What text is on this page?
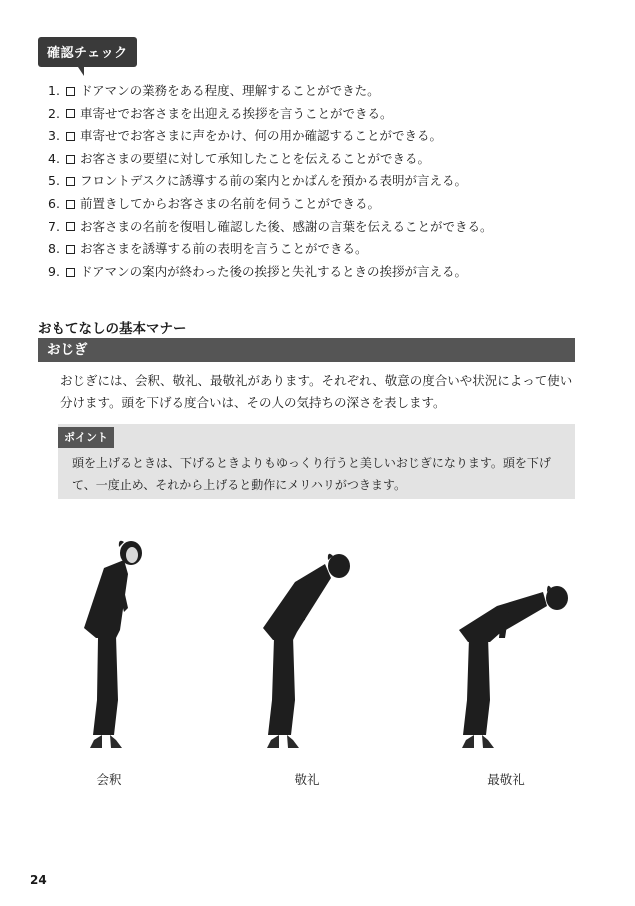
確認チェック
1.	ドアマンの業務をある程度、理解することができた。
2.	車寄せでお客さまを出迎える挨拶を言うことができる。
3.	車寄せでお客さまに声をかけ、何の用か確認することができる。
4.	お客さまの要望に対して承知したことを伝えることができる。
5.	フロントデスクに誘導する前の案内とかばんを預かる表明が言える。
6.	前置きしてからお客さまの名前を伺うことができる。
7.	お客さまの名前を復唱し確認した後、感謝の言葉を伝えることができる。
8.	お客さまを誘導する前の表明を言うことができる。
9.	ドアマンの案内が終わった後の挨拶と失礼するときの挨拶が言える。
おもてなしの基本マナー
おじぎ

おじぎには、会釈、敬礼、最敬礼があります。それぞれ、敬意の度合いや状況によって使い分けます。頭を下げる度合いは、その人の気持ちの深さを表します。

ポイント

頭を上げるときは、下げるときよりもゆっくり行うと美しいおじぎになります。頭を下げて、一度止め、それから上げると動作にメリハリがつきます。

会釈	敬礼	最敬礼
24
